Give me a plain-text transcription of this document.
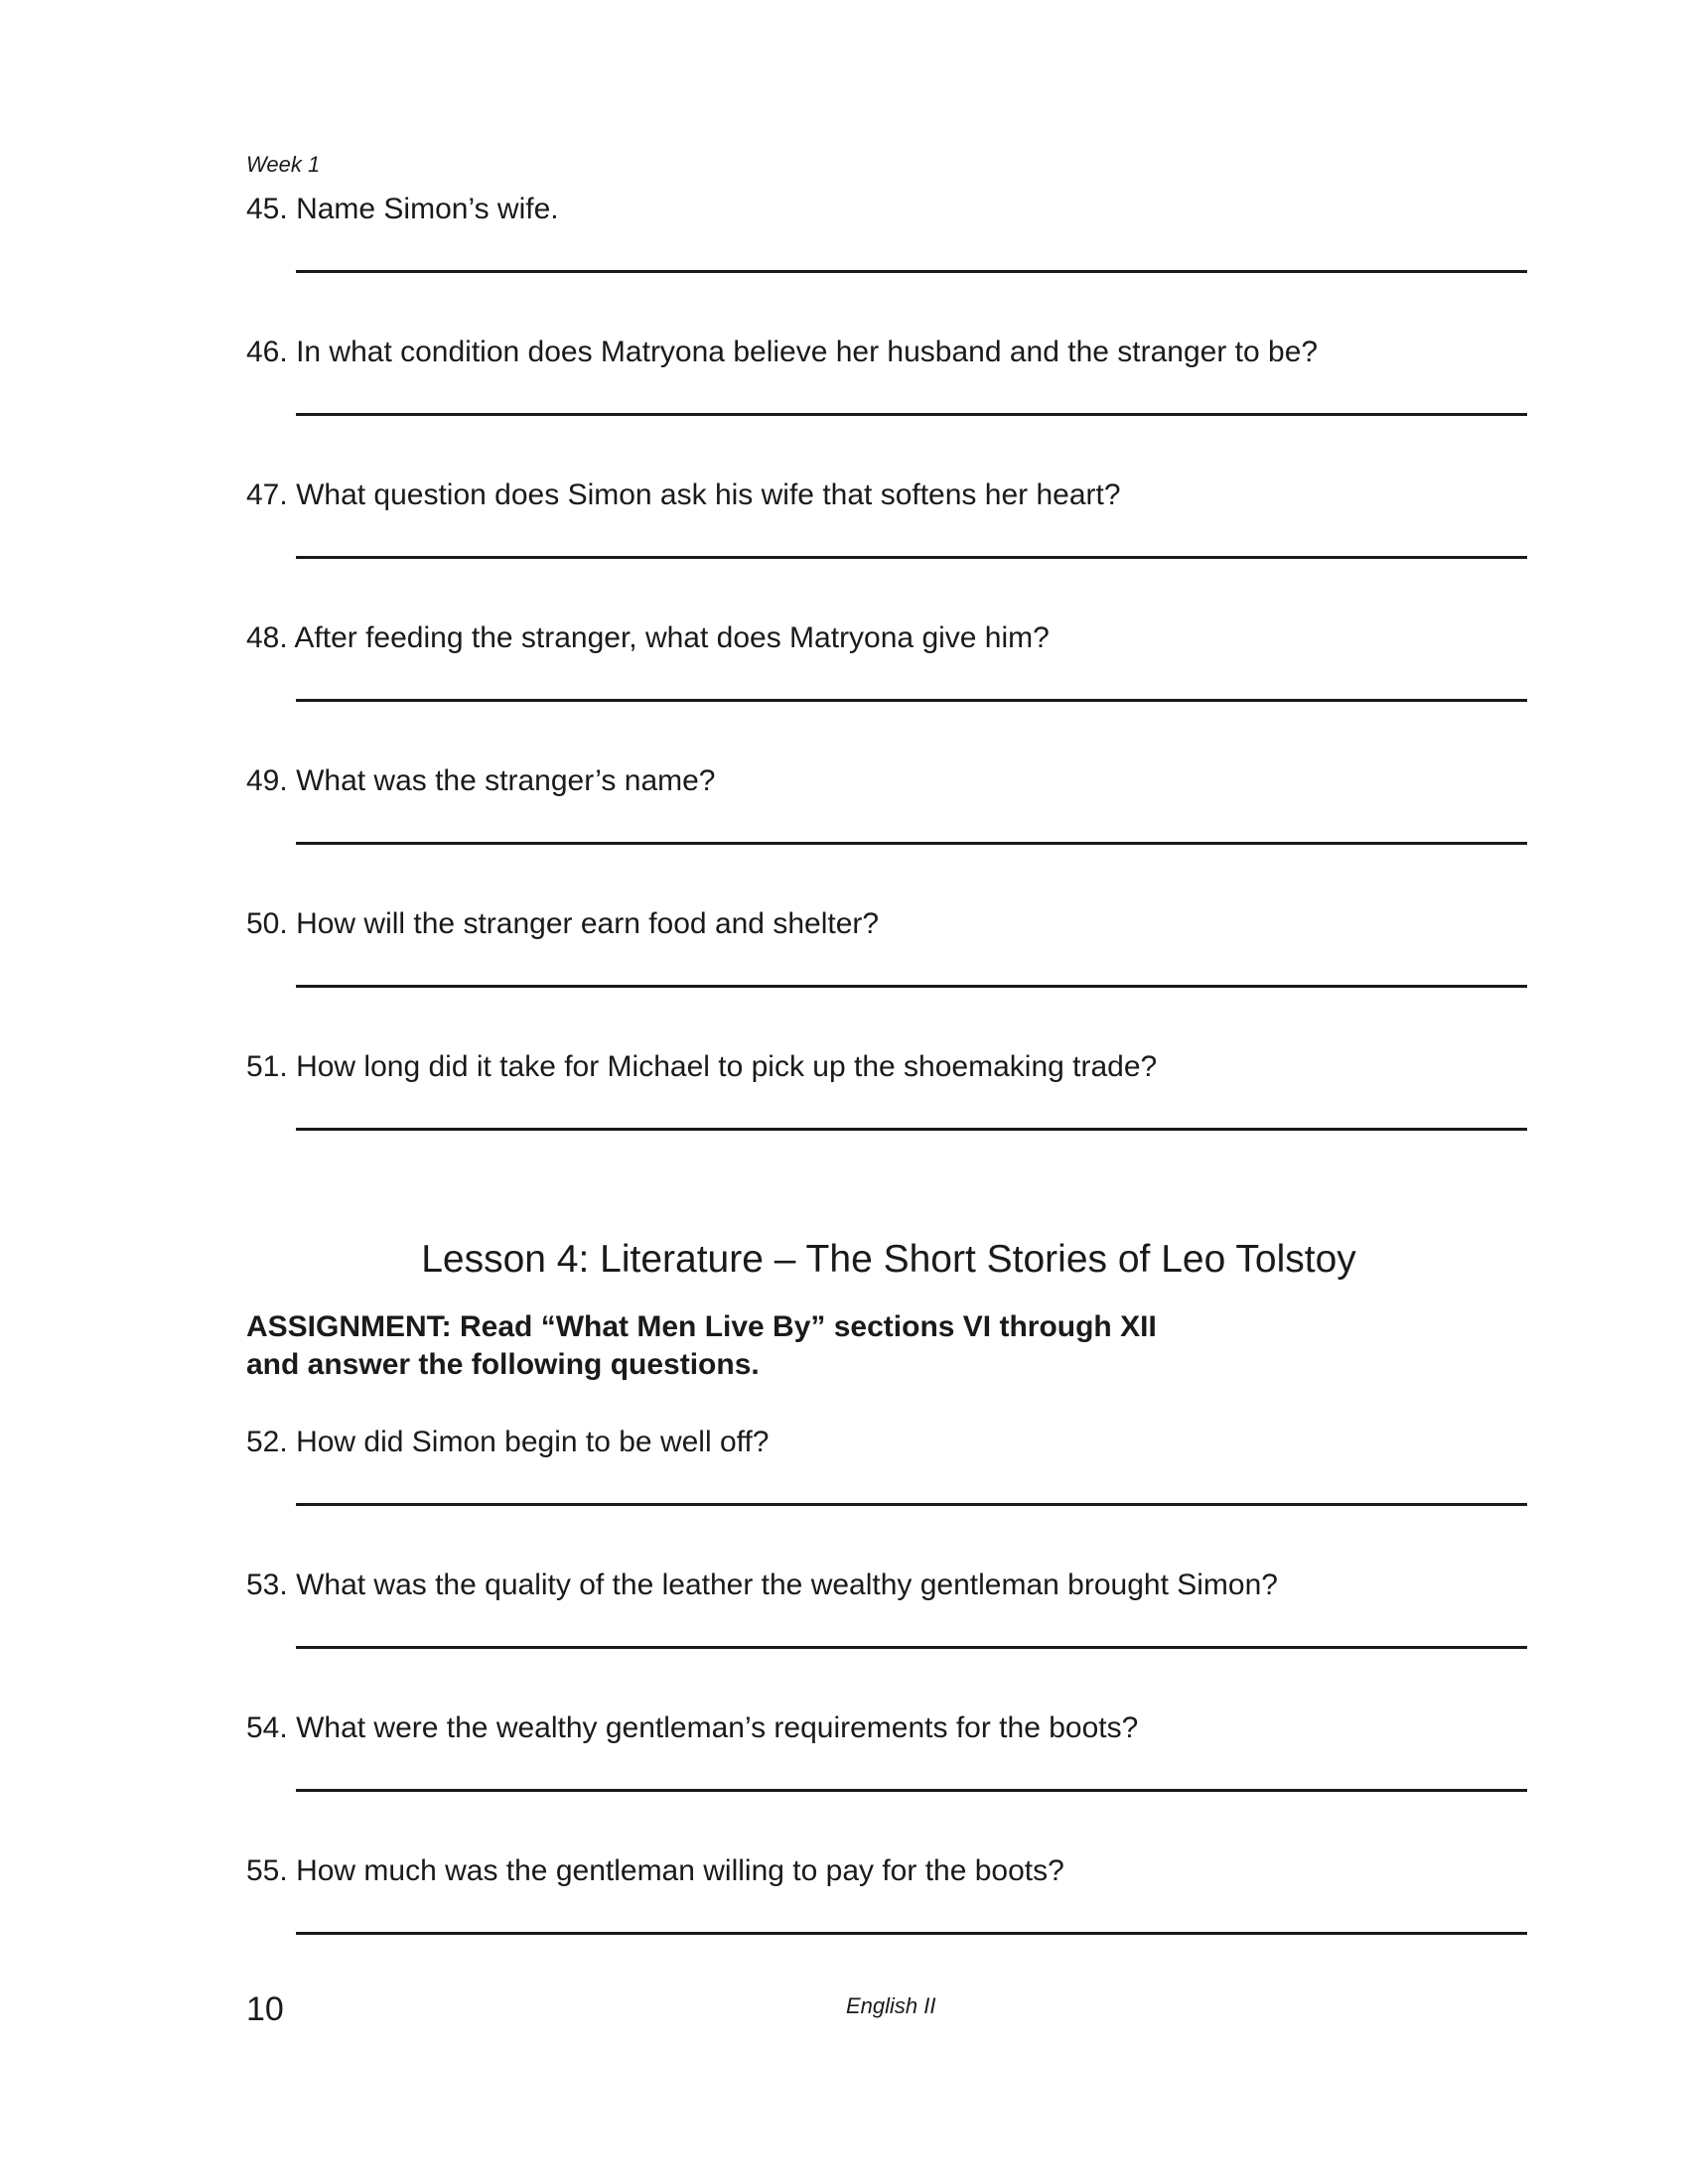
Week 1
45. Name Simon’s wife.
46. In what condition does Matryona believe her husband and the stranger to be?
47. What question does Simon ask his wife that softens her heart?
48. After feeding the stranger, what does Matryona give him?
49. What was the stranger’s name?
50. How will the stranger earn food and shelter?
51. How long did it take for Michael to pick up the shoemaking trade?
Lesson 4: Literature – The Short Stories of Leo Tolstoy
ASSIGNMENT: Read “What Men Live By” sections VI through XII
and answer the following questions.
52. How did Simon begin to be well off?
53. What was the quality of the leather the wealthy gentleman brought Simon?
54. What were the wealthy gentleman’s requirements for the boots?
55. How much was the gentleman willing to pay for the boots?
10	English II
